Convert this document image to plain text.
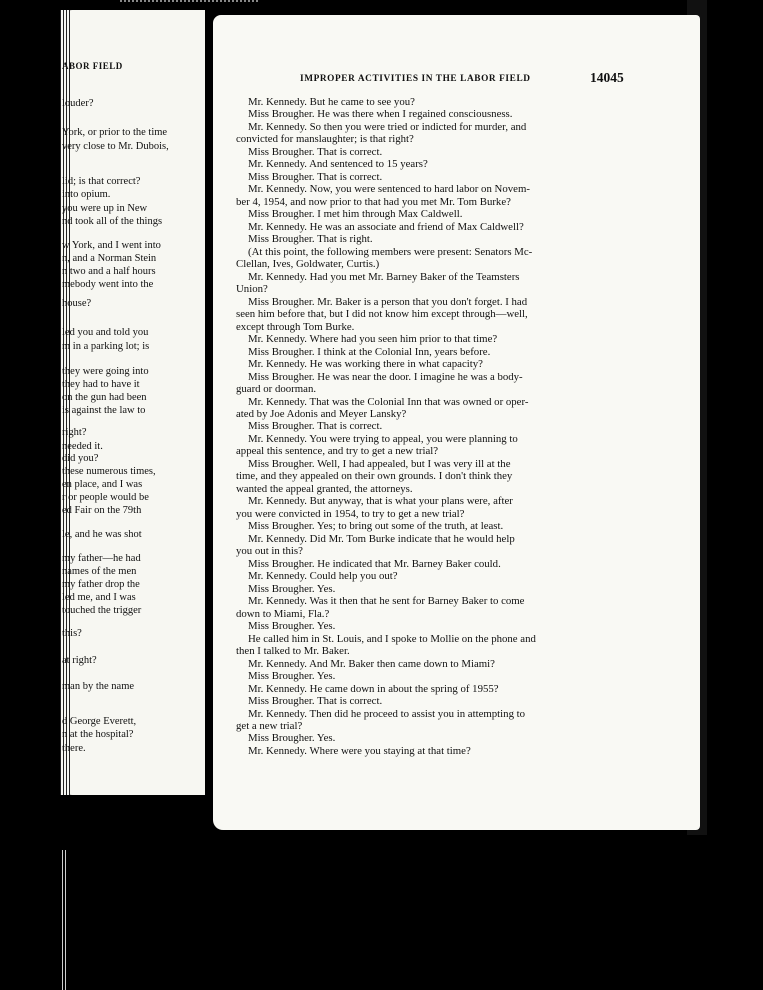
ABOR FIELD
louder?
York, or prior to the time
very close to Mr. Dubois,
lid; is that correct?
into opium.
you were up in New
nd took all of the things
w York, and I went into
n, and a Norman Stein
n two and a half hours
mebody went into the
house?
led you and told you
m in a parking lot; is
they were going into
they had to have it
on the gun had been
is against the law to
right?
needed it.
did you?
these numerous times,
en place, and I was
r or people would be
ed Fair on the 79th
le, and he was shot
my father—he had
names of the men
my father drop the
led me, and I was
touched the trigger
this?
at right?
man by the name
d George Everett,
n at the hospital?
there.
IMPROPER ACTIVITIES IN THE LABOR FIELD	14045
Mr. Kennedy. But he came to see you?
Miss Brougher. He was there when I regained consciousness.
Mr. Kennedy. So then you were tried or indicted for murder, and
convicted for manslaughter; is that right?
Miss Brougher. That is correct.
Mr. Kennedy. And sentenced to 15 years?
Miss Brougher. That is correct.
Mr. Kennedy. Now, you were sentenced to hard labor on Novem-
ber 4, 1954, and now prior to that had you met Mr. Tom Burke?
Miss Brougher. I met him through Max Caldwell.
Mr. Kennedy. He was an associate and friend of Max Caldwell?
Miss Brougher. That is right.
(At this point, the following members were present: Senators Mc-
Clellan, Ives, Goldwater, Curtis.)
Mr. Kennedy. Had you met Mr. Barney Baker of the Teamsters
Union?
Miss Brougher. Mr. Baker is a person that you don't forget. I had
seen him before that, but I did not know him except through—well,
except through Tom Burke.
Mr. Kennedy. Where had you seen him prior to that time?
Miss Brougher. I think at the Colonial Inn, years before.
Mr. Kennedy. He was working there in what capacity?
Miss Brougher. He was near the door. I imagine he was a body-
guard or doorman.
Mr. Kennedy. That was the Colonial Inn that was owned or oper-
ated by Joe Adonis and Meyer Lansky?
Miss Brougher. That is correct.
Mr. Kennedy. You were trying to appeal, you were planning to
appeal this sentence, and try to get a new trial?
Miss Brougher. Well, I had appealed, but I was very ill at the
time, and they appealed on their own grounds. I don't think they
wanted the appeal granted, the attorneys.
Mr. Kennedy. But anyway, that is what your plans were, after
you were convicted in 1954, to try to get a new trial?
Miss Brougher. Yes; to bring out some of the truth, at least.
Mr. Kennedy. Did Mr. Tom Burke indicate that he would help
you out in this?
Miss Brougher. He indicated that Mr. Barney Baker could.
Mr. Kennedy. Could help you out?
Miss Brougher. Yes.
Mr. Kennedy. Was it then that he sent for Barney Baker to come
down to Miami, Fla.?
Miss Brougher. Yes.
He called him in St. Louis, and I spoke to Mollie on the phone and
then I talked to Mr. Baker.
Mr. Kennedy. And Mr. Baker then came down to Miami?
Miss Brougher. Yes.
Mr. Kennedy. He came down in about the spring of 1955?
Miss Brougher. That is correct.
Mr. Kennedy. Then did he proceed to assist you in attempting to
get a new trial?
Miss Brougher. Yes.
Mr. Kennedy. Where were you staying at that time?
